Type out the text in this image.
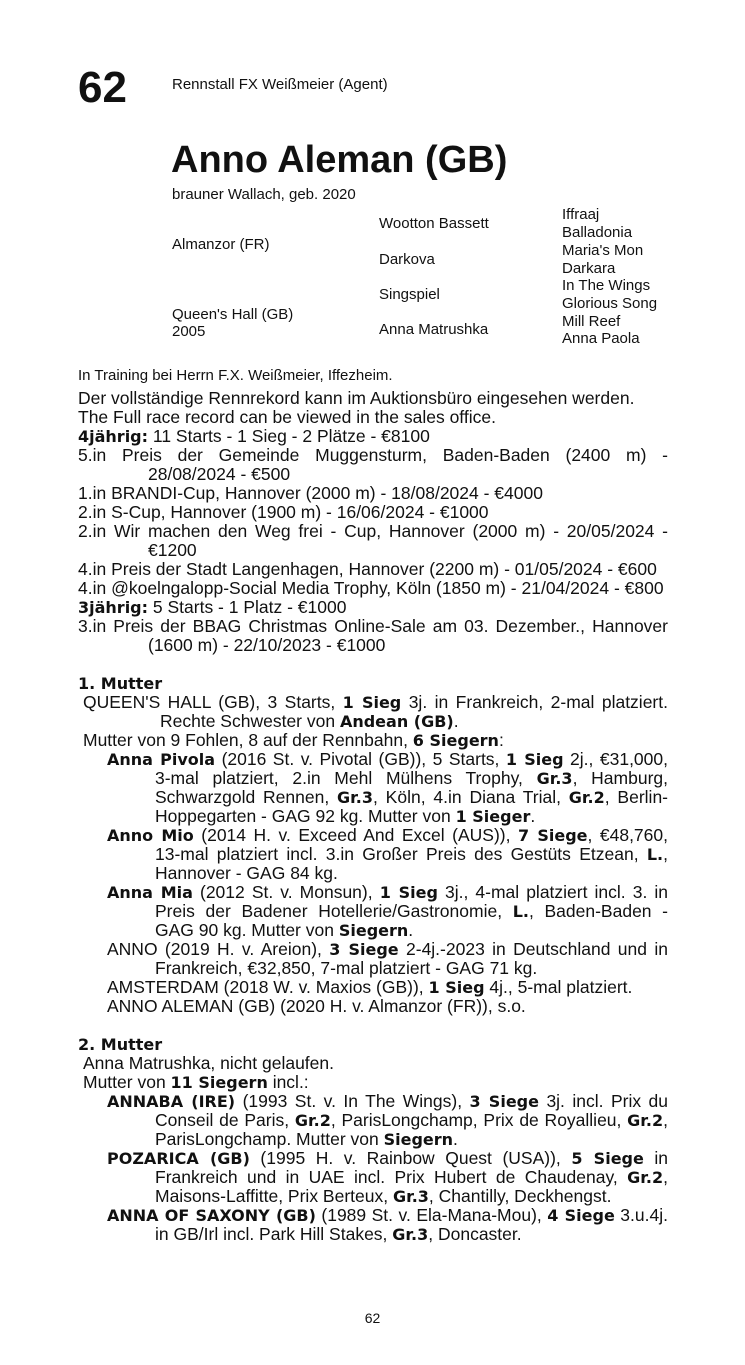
62	Rennstall FX Weißmeier (Agent)
Anno Aleman (GB)
brauner Wallach, geb. 2020
Almanzor (FR)
Queen's Hall (GB)
2005
Wootton Bassett
Darkova
Singspiel
Anna Matrushka
Iffraaj
Balladonia
Maria's Mon
Darkara
In The Wings
Glorious Song
Mill Reef
Anna Paola
In Training bei Herrn F.X. Weißmeier, Iffezheim.

Der vollständige Rennrekord kann im Auktionsbüro eingesehen werden.

The Full race record can be viewed in the sales office.

4jährig: 11 Starts - 1 Sieg - 2 Plätze - €8100

5.in Preis der Gemeinde Muggensturm, Baden-Baden (2400 m) - 28/08/2024 - €500

1.in BRANDI-Cup, Hannover (2000 m) - 18/08/2024 - €4000

2.in S-Cup, Hannover (1900 m) - 16/06/2024 - €1000

2.in Wir machen den Weg frei - Cup, Hannover (2000 m) - 20/05/2024 - €1200

4.in Preis der Stadt Langenhagen, Hannover (2200 m) - 01/05/2024 - €600

4.in @koelngalopp-Social Media Trophy, Köln (1850 m) - 21/04/2024 - €800

3jährig: 5 Starts - 1 Platz - €1000

3.in Preis der BBAG Christmas Online-Sale am 03. Dezember., Hannover (1600 m) - 22/10/2023 - €1000

1. Mutter

QUEEN'S HALL (GB), 3 Starts, 1 Sieg 3j. in Frankreich, 2-mal platziert. Rechte Schwester von Andean (GB).

Mutter von 9 Fohlen, 8 auf der Rennbahn, 6 Siegern:

Anna Pivola (2016 St. v. Pivotal (GB)), 5 Starts, 1 Sieg 2j., €31,000, 3-mal platziert, 2.in Mehl Mülhens Trophy, Gr.3, Hamburg, Schwarzgold Rennen, Gr.3, Köln, 4.in Diana Trial, Gr.2, Berlin-Hoppegarten - GAG 92 kg. Mutter von 1 Sieger.

Anno Mio (2014 H. v. Exceed And Excel (AUS)), 7 Siege, €48,760, 13-mal platziert incl. 3.in Großer Preis des Gestüts Etzean, L., Hannover - GAG 84 kg.

Anna Mia (2012 St. v. Monsun), 1 Sieg 3j., 4-mal platziert incl. 3. in Preis der Badener Hotellerie/Gastronomie, L., Baden-Baden - GAG 90 kg. Mutter von Siegern.

ANNO (2019 H. v. Areion), 3 Siege 2-4j.-2023 in Deutschland und in Frankreich, €32,850, 7-mal platziert - GAG 71 kg.

AMSTERDAM (2018 W. v. Maxios (GB)), 1 Sieg 4j., 5-mal platziert.

ANNO ALEMAN (GB) (2020 H. v. Almanzor (FR)), s.o.

2. Mutter

Anna Matrushka, nicht gelaufen.

Mutter von 11 Siegern incl.:

ANNABA (IRE) (1993 St. v. In The Wings), 3 Siege 3j. incl. Prix du Conseil de Paris, Gr.2, ParisLongchamp, Prix de Royallieu, Gr.2, ParisLongchamp. Mutter von Siegern.

POZARICA (GB) (1995 H. v. Rainbow Quest (USA)), 5 Siege in Frankreich und in UAE incl. Prix Hubert de Chaudenay, Gr.2, Maisons-Laffitte, Prix Berteux, Gr.3, Chantilly, Deckhengst.

ANNA OF SAXONY (GB) (1989 St. v. Ela-Mana-Mou), 4 Siege 3.u.4j. in GB/Irl incl. Park Hill Stakes, Gr.3, Doncaster.

62
